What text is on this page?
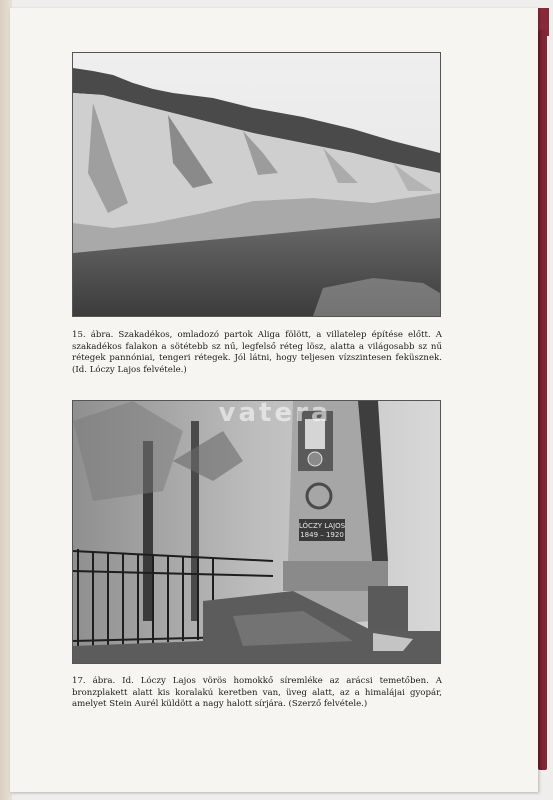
15. ábra. Szakadékos, omladozó partok Aliga fölött, a villatelep építése előtt. A szakadékos falakon a sötétebb sz nű, legfelső réteg lösz, alatta a világosabb sz nű rétegek pannóniai, tengeri rétegek. Jól látni, hogy teljesen vízszintesen feküsznek. (Id. Lóczy Lajos felvétele.)
LÓCZY LAJOS
1849 – 1920
vatera
17. ábra. Id. Lóczy Lajos vörös homokkő síremléke az arácsi temetőben. A bronzplakett alatt kis koralakú keretben van, üveg alatt, az a himalájai gyopár, amelyet Stein Aurél küldött a nagy halott sírjára. (Szerző felvétele.)
